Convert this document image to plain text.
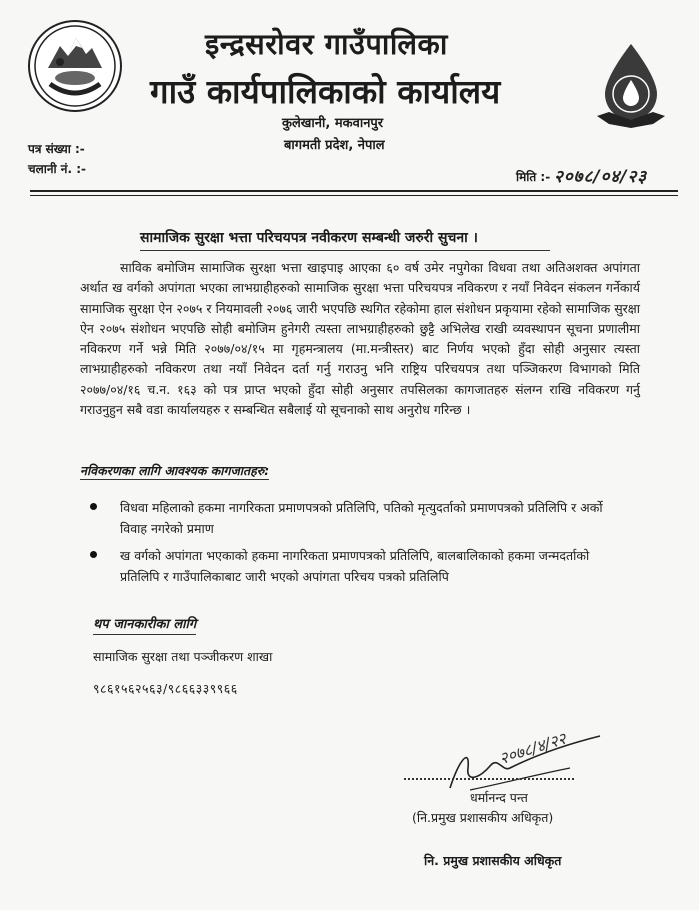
इन्द्रसरोवर गाउँपालिका
गाउँ कार्यपालिकाको कार्यालय
कुलेखानी, मकवानपुर
बागमती प्रदेश, नेपाल
पत्र संख्या :-
चलानी नं. :-
मिति :- २०७८/०४/२३
सामाजिक सुरक्षा भत्ता परिचयपत्र नवीकरण सम्बन्धी जरुरी सुचना ।

साविक बमोजिम सामाजिक सुरक्षा भत्ता खाइपाइ आएका ६० वर्ष उमेर नपुगेका विधवा तथा अतिअशक्त अपांगता अर्थात ख वर्गको अपांगता भएका लाभग्राहीहरुको सामाजिक सुरक्षा भत्ता परिचयपत्र नविकरण र नयाँ निवेदन संकलन गर्नेकार्य सामाजिक सुरक्षा ऐन २०७५ र नियमावली २०७६ जारी भएपछि स्थगित रहेकोमा हाल संशोधन प्रकृयामा रहेको सामाजिक सुरक्षा ऐन २०७५ संशोधन भएपछि सोही बमोजिम हुनेगरी त्यस्ता लाभग्राहीहरुको छुट्टै अभिलेख राखी व्यवस्थापन सूचना प्रणालीमा नविकरण गर्ने भन्ने मिति २०७७/०४/१५ मा गृहमन्त्रालय (मा.मन्त्रीस्तर) बाट निर्णय भएको हुँदा सोही अनुसार त्यस्ता लाभग्राहीहरुको नविकरण तथा नयाँ निवेदन दर्ता गर्नु गराउनु भनि राष्ट्रिय परिचयपत्र तथा पञ्जिकरण विभागको मिति २०७७/०४/१६ च.न. १६३ को पत्र प्राप्त भएको हुँदा सोही अनुसार तपसिलका कागजातहरु संलग्न राखि नविकरण गर्नु गराउनुहुन सबै वडा कार्यालयहरु र सम्बन्धित सबैलाई यो सूचनाको साथ अनुरोध गरिन्छ ।

नविकरणका लागि आवश्यक कागजातहरु:
विधवा महिलाको हकमा नागरिकता प्रमाणपत्रको प्रतिलिपि, पतिको मृत्युदर्ताको प्रमाणपत्रको प्रतिलिपि र अर्को विवाह नगरेको प्रमाण
ख वर्गको अपांगता भएकाको हकमा नागरिकता प्रमाणपत्रको प्रतिलिपि, बालबालिकाको हकमा जन्मदर्ताको प्रतिलिपि र गाउँपालिकाबाट जारी भएको अपांगता परिचय पत्रको प्रतिलिपि
थप जानकारीका लागि
सामाजिक सुरक्षा तथा पञ्जीकरण शाखा
९८६१५६२५६३/९८६६३३९९६६
२०७८/४/२२
धर्मानन्द पन्त
(नि.प्रमुख प्रशासकीय अधिकृत)
नि. प्रमुख प्रशासकीय अधिकृत
